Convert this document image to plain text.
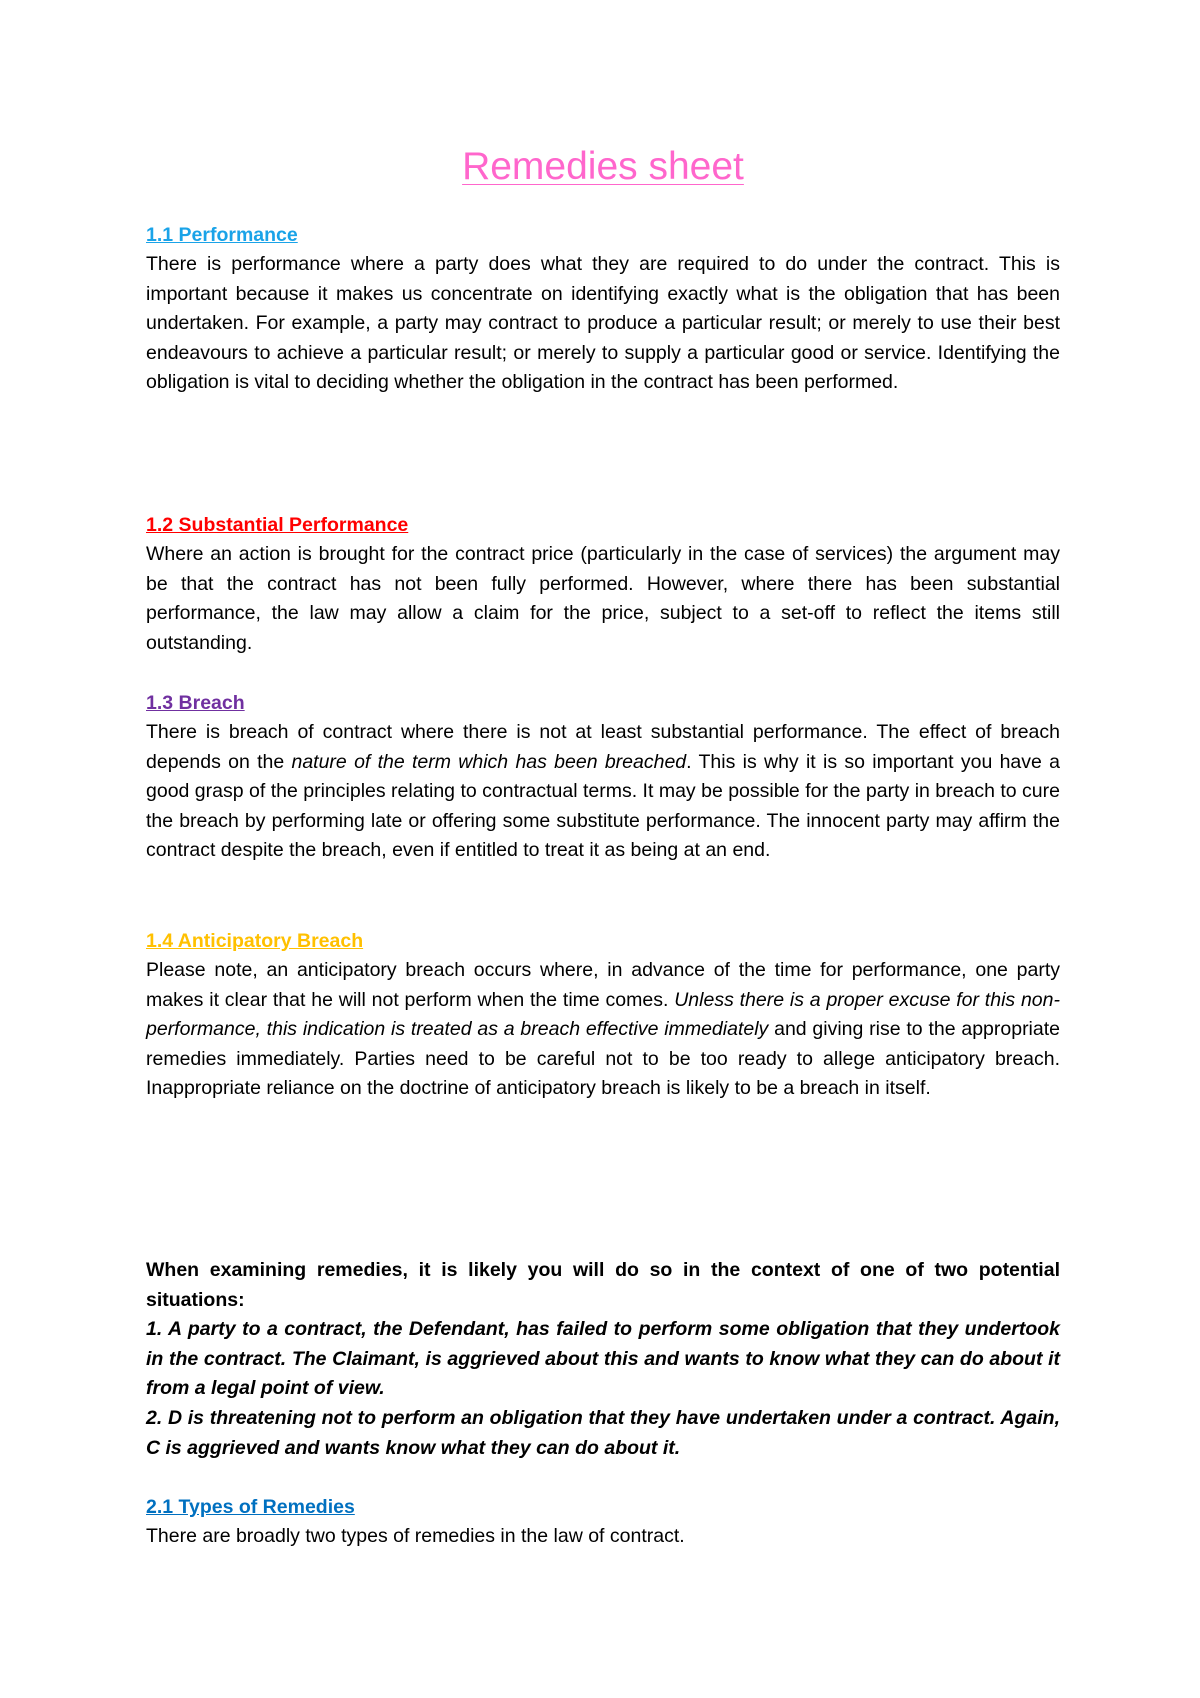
Remedies sheet

1.1 Performance

There is performance where a party does what they are required to do under the contract. This is important because it makes us concentrate on identifying exactly what is the obligation that has been undertaken. For example, a party may contract to produce a particular result; or merely to use their best endeavours to achieve a particular result; or merely to supply a particular good or service. Identifying the obligation is vital to deciding whether the obligation in the contract has been performed.

1.2 Substantial Performance

Where an action is brought for the contract price (particularly in the case of services) the argument may be that the contract has not been fully performed. However, where there has been substantial performance, the law may allow a claim for the price, subject to a set-off to reflect the items still outstanding.

1.3 Breach

There is breach of contract where there is not at least substantial performance. The effect of breach depends on the nature of the term which has been breached. This is why it is so important you have a good grasp of the principles relating to contractual terms. It may be possible for the party in breach to cure the breach by performing late or offering some substitute performance. The innocent party may affirm the contract despite the breach, even if entitled to treat it as being at an end.

1.4 Anticipatory Breach

Please note, an anticipatory breach occurs where, in advance of the time for performance, one party makes it clear that he will not perform when the time comes. Unless there is a proper excuse for this non-performance, this indication is treated as a breach effective immediately and giving rise to the appropriate remedies immediately. Parties need to be careful not to be too ready to allege anticipatory breach. Inappropriate reliance on the doctrine of anticipatory breach is likely to be a breach in itself.

When examining remedies, it is likely you will do so in the context of one of two potential situations:

1. A party to a contract, the Defendant, has failed to perform some obligation that they undertook in the contract. The Claimant, is aggrieved about this and wants to know what they can do about it from a legal point of view.

2. D is threatening not to perform an obligation that they have undertaken under a contract. Again, C is aggrieved and wants know what they can do about it.

2.1 Types of Remedies

There are broadly two types of remedies in the law of contract.
